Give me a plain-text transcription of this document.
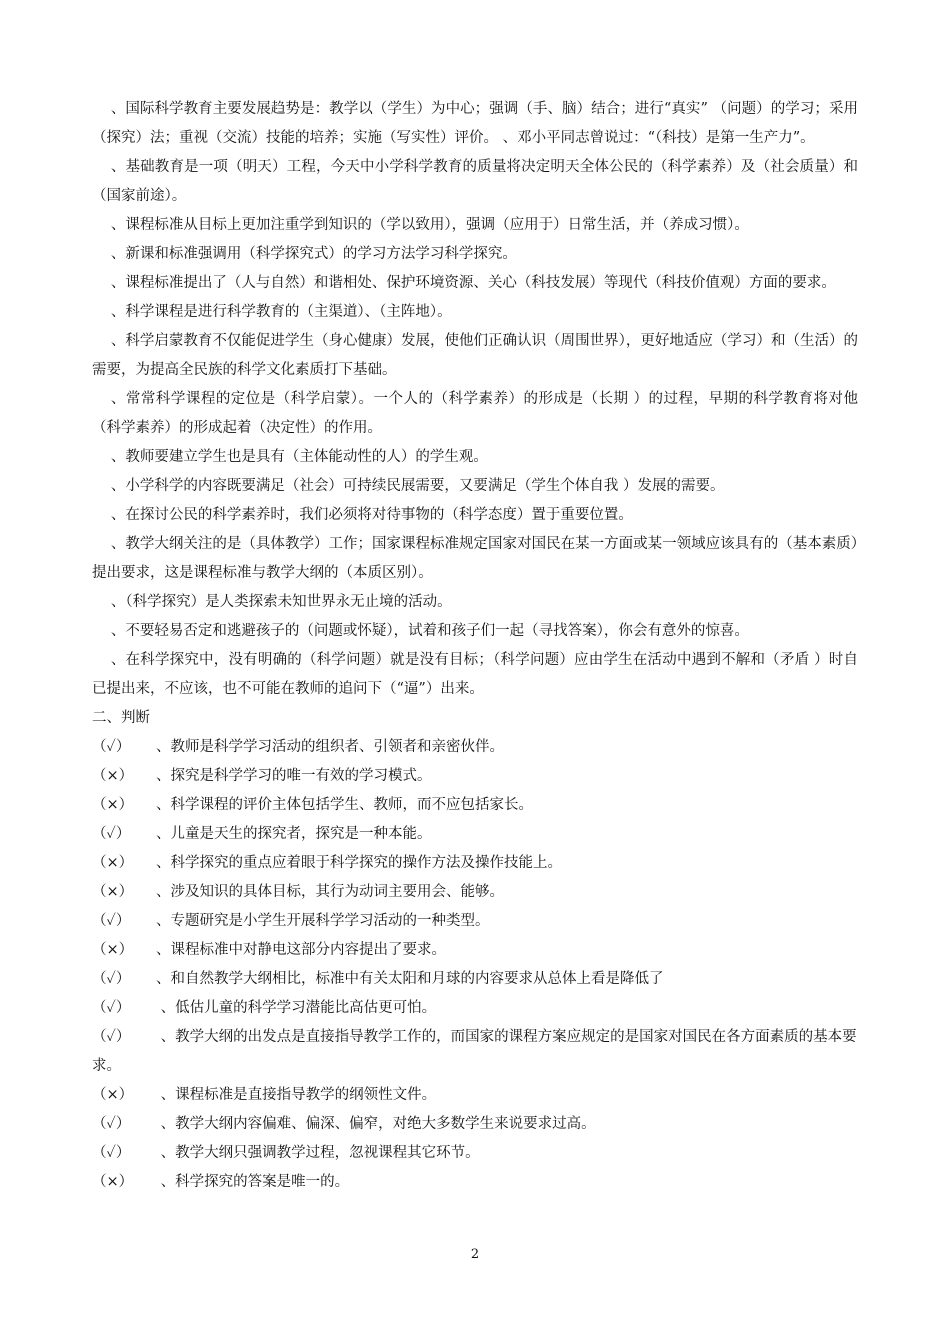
、国际科学教育主要发展趋势是：教学以（学生）为中心；强调（手、脑）结合；进行“真实” （问题）的学习；采用（探究）法；重视（交流）技能的培养；实施（写实性）评价。 、邓小平同志曾说过：“（科技）是第一生产力”。

、基础教育是一项（明天）工程，今天中小学科学教育的质量将决定明天全体公民的（科学素养）及（社会质量）和（国家前途）。

、课程标准从目标上更加注重学到知识的（学以致用），强调（应用于）日常生活，并（养成习惯）。

、新课和标准强调用（科学探究式）的学习方法学习科学探究。

、课程标准提出了（人与自然）和谐相处、保护环境资源、关心（科技发展）等现代（科技价值观）方面的要求。

、科学课程是进行科学教育的（主渠道）、（主阵地）。

、科学启蒙教育不仅能促进学生（身心健康）发展，使他们正确认识（周围世界），更好地适应（学习）和（生活）的需要，为提高全民族的科学文化素质打下基础。

、常常科学课程的定位是（科学启蒙）。一个人的（科学素养）的形成是（长期 ）的过程，早期的科学教育将对他（科学素养）的形成起着（决定性）的作用。

、教师要建立学生也是具有（主体能动性的人）的学生观。

、小学科学的内容既要满足（社会）可持续民展需要，又要满足（学生个体自我 ）发展的需要。

、在探讨公民的科学素养时，我们必须将对待事物的（科学态度）置于重要位置。

、教学大纲关注的是（具体教学）工作；国家课程标准规定国家对国民在某一方面或某一领域应该具有的（基本素质）提出要求，这是课程标准与教学大纲的（本质区别）。

、（科学探究）是人类探索未知世界永无止境的活动。

、不要轻易否定和逃避孩子的（问题或怀疑），试着和孩子们一起（寻找答案），你会有意外的惊喜。

、在科学探究中，没有明确的（科学问题）就是没有目标；（科学问题）应由学生在活动中遇到不解和（矛盾 ）时自已提出来，不应该，也不可能在教师的追问下（“逼”）出来。

二、判断

（✓） 、教师是科学学习活动的组织者、引领者和亲密伙伴。

（×） 、探究是科学学习的唯一有效的学习模式。

（×） 、科学课程的评价主体包括学生、教师，而不应包括家长。

（✓） 、儿童是天生的探究者，探究是一种本能。

（×） 、科学探究的重点应着眼于科学探究的操作方法及操作技能上。

（×） 、涉及知识的具体目标，其行为动词主要用会、能够。

（✓） 、专题研究是小学生开展科学学习活动的一种类型。

（×） 、课程标准中对静电这部分内容提出了要求。

（✓） 、和自然教学大纲相比，标准中有关太阳和月球的内容要求从总体上看是降低了

（✓） 、低估儿童的科学学习潜能比高估更可怕。

（✓） 、教学大纲的出发点是直接指导教学工作的，而国家的课程方案应规定的是国家对国民在各方面素质的基本要求。

（×） 、课程标准是直接指导教学的纲领性文件。

（✓） 、教学大纲内容偏难、偏深、偏窄，对绝大多数学生来说要求过高。

（✓） 、教学大纲只强调教学过程，忽视课程其它环节。

（×） 、科学探究的答案是唯一的。

2
